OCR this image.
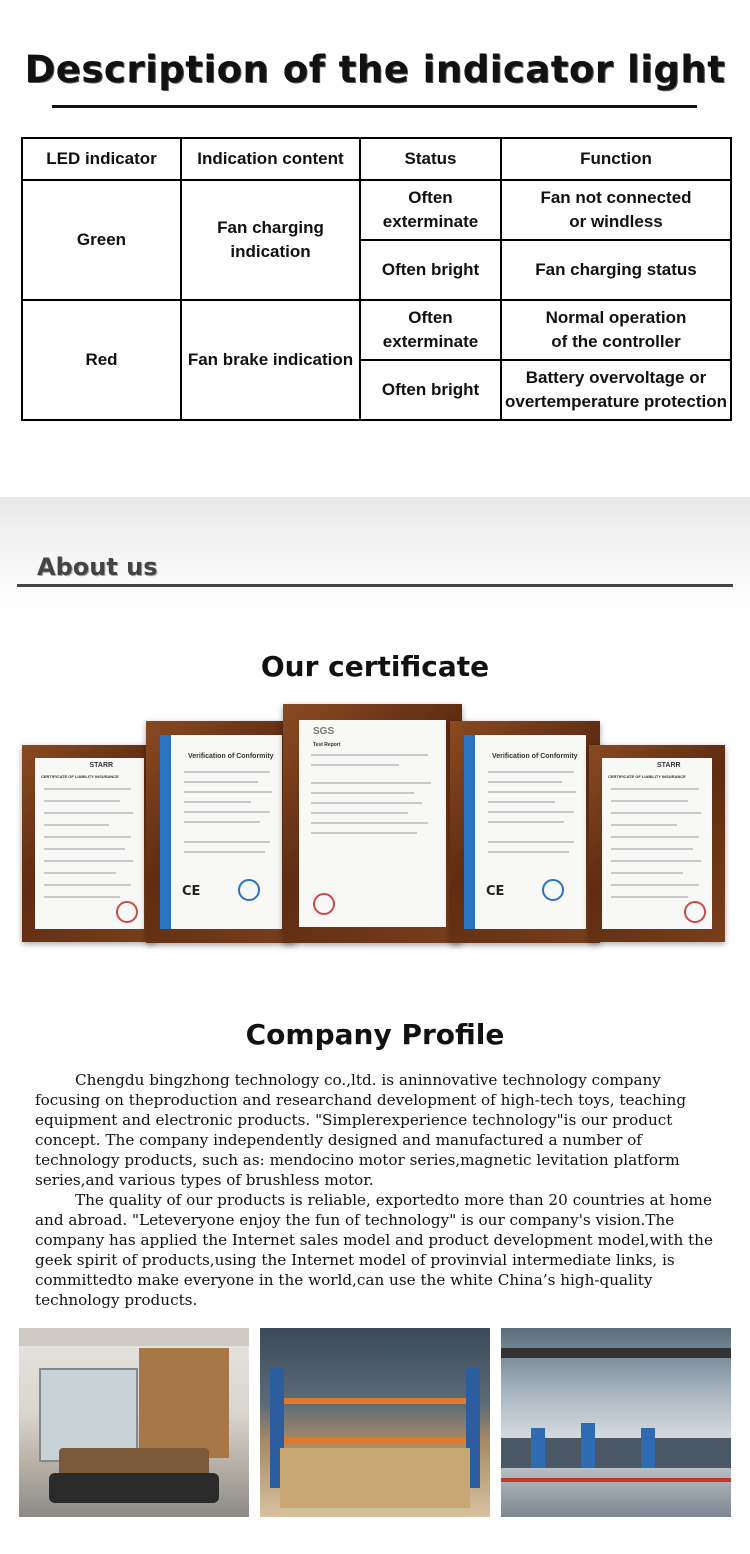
Description of the indicator light
LED indicator	Indication content	Status	Function
Green	Fan charging indication	Often exterminate	Fan not connected or windless
		Often bright	Fan charging status
Red	Fan brake indication	Often exterminate	Normal operation of the controller
		Often bright	Battery overvoltage or overtemperature protection
About us
Our certificate
STARR
CERTIFICATE OF LIABILITY INSURANCE
Verification of Conformity
CE
SGS
Test Report
Verification of Conformity
CE
STARR
CERTIFICATE OF LIABILITY INSURANCE
Company Profile
Chengdu bingzhong technology co.,ltd. is aninnovative technology company focusing on theproduction and researchand development of high-tech toys, teaching equipment and electronic products. "Simplerexperience technology"is our product concept. The company independently designed and manufactured a number of technology products, such as: mendocino motor series,magnetic levitation platform series,and various types of brushless motor.
The quality of our products is reliable, exportedto more than 20 countries at home and abroad. "Leteveryone enjoy the fun of technology" is our company's vision.The company has applied the Internet sales model and product development model,with the geek spirit of products,using the Internet model of provinvial intermediate links, is committedto make everyone in the world,can use the white China’s high-quality technology products.
